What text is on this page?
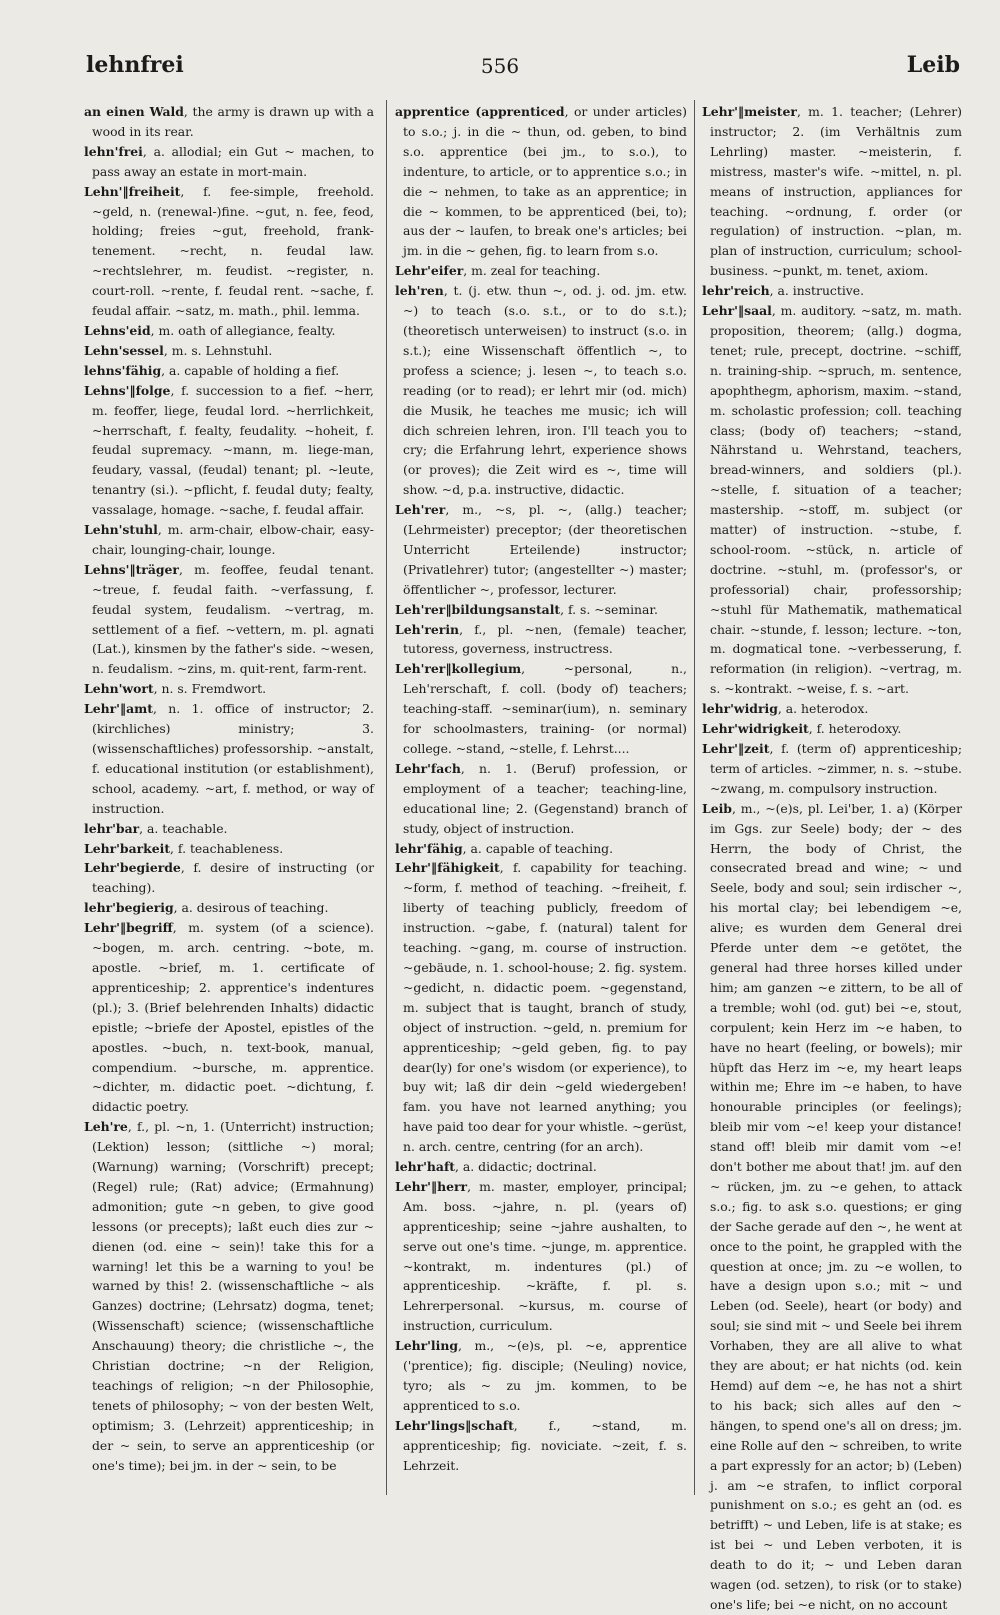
lehnfrei	556	Leib

an einen Wald, the army is drawn up with a wood in its rear.

lehn'frei, a. allodial; ein Gut ~ machen, to pass away an estate in mort-main.

Lehn'‖freiheit, f. fee-simple, freehold. ~geld, n. (renewal-)fine. ~gut, n. fee, feod, holding; freies ~gut, freehold, frank-tenement. ~recht, n. feudal law. ~rechtslehrer, m. feudist. ~register, n. court-roll. ~rente, f. feudal rent. ~sache, f. feudal affair. ~satz, m. math., phil. lemma.

Lehns'eid, m. oath of allegiance, fealty.

Lehn'sessel, m. s. Lehnstuhl.

lehns'fähig, a. capable of holding a fief.

Lehns'‖folge, f. succession to a fief. ~herr, m. feoffer, liege, feudal lord. ~herrlichkeit, ~herrschaft, f. fealty, feudality. ~hoheit, f. feudal supremacy. ~mann, m. liege-man, feudary, vassal, (feudal) tenant; pl. ~leute, tenantry (si.). ~pflicht, f. feudal duty; fealty, vassalage, homage. ~sache, f. feudal affair.

Lehn'stuhl, m. arm-chair, elbow-chair, easy-chair, lounging-chair, lounge.

Lehns'‖träger, m. feoffee, feudal tenant. ~treue, f. feudal faith. ~verfassung, f. feudal system, feudalism. ~vertrag, m. settlement of a fief. ~vettern, m. pl. agnati (Lat.), kinsmen by the father's side. ~wesen, n. feudalism. ~zins, m. quit-rent, farm-rent.

Lehn'wort, n. s. Fremdwort.

Lehr'‖amt, n. 1. office of instructor; 2. (kirchliches) ministry; 3. (wissenschaftliches) professorship. ~anstalt, f. educational institution (or establishment), school, academy. ~art, f. method, or way of instruction.

lehr'bar, a. teachable.

Lehr'barkeit, f. teachableness.

Lehr'begierde, f. desire of instructing (or teaching).

lehr'begierig, a. desirous of teaching.

Lehr'‖begriff, m. system (of a science). ~bogen, m. arch. centring. ~bote, m. apostle. ~brief, m. 1. certificate of apprenticeship; 2. apprentice's indentures (pl.); 3. (Brief belehrenden Inhalts) didactic epistle; ~briefe der Apostel, epistles of the apostles. ~buch, n. text-book, manual, compendium. ~bursche, m. apprentice. ~dichter, m. didactic poet. ~dichtung, f. didactic poetry.

Leh're, f., pl. ~n, 1. (Unterricht) instruction; (Lektion) lesson; (sittliche ~) moral; (Warnung) warning; (Vorschrift) precept; (Regel) rule; (Rat) advice; (Ermahnung) admonition; gute ~n geben, to give good lessons (or precepts); laßt euch dies zur ~ dienen (od. eine ~ sein)! take this for a warning! let this be a warning to you! be warned by this! 2. (wissenschaftliche ~ als Ganzes) doctrine; (Lehrsatz) dogma, tenet; (Wissenschaft) science; (wissenschaftliche Anschauung) theory; die christliche ~, the Christian doctrine; ~n der Religion, teachings of religion; ~n der Philosophie, tenets of philosophy; ~ von der besten Welt, optimism; 3. (Lehrzeit) apprenticeship; in der ~ sein, to serve an apprenticeship (or one's time); bei jm. in der ~ sein, to be

apprentice (apprenticed, or under articles) to s.o.; j. in die ~ thun, od. geben, to bind s.o. apprentice (bei jm., to s.o.), to indenture, to article, or to apprentice s.o.; in die ~ nehmen, to take as an apprentice; in die ~ kommen, to be apprenticed (bei, to); aus der ~ laufen, to break one's articles; bei jm. in die ~ gehen, fig. to learn from s.o.

Lehr'eifer, m. zeal for teaching.

leh'ren, t. (j. etw. thun ~, od. j. od. jm. etw. ~) to teach (s.o. s.t., or to do s.t.); (theoretisch unterweisen) to instruct (s.o. in s.t.); eine Wissenschaft öffentlich ~, to profess a science; j. lesen ~, to teach s.o. reading (or to read); er lehrt mir (od. mich) die Musik, he teaches me music; ich will dich schreien lehren, iron. I'll teach you to cry; die Erfahrung lehrt, experience shows (or proves); die Zeit wird es ~, time will show. ~d, p.a. instructive, didactic.

Leh'rer, m., ~s, pl. ~, (allg.) teacher; (Lehrmeister) preceptor; (der theoretischen Unterricht Erteilende) instructor; (Privatlehrer) tutor; (angestellter ~) master; öffentlicher ~, professor, lecturer.

Leh'rer‖bildungsanstalt, f. s. ~seminar.

Leh'rerin, f., pl. ~nen, (female) teacher, tutoress, governess, instructress.

Leh'rer‖kollegium, ~personal, n., Leh'rerschaft, f. coll. (body of) teachers; teaching-staff. ~seminar(ium), n. seminary for schoolmasters, training- (or normal) college. ~stand, ~stelle, f. Lehrst....

Lehr'fach, n. 1. (Beruf) profession, or employment of a teacher; teaching-line, educational line; 2. (Gegenstand) branch of study, object of instruction.

lehr'fähig, a. capable of teaching.

Lehr'‖fähigkeit, f. capability for teaching. ~form, f. method of teaching. ~freiheit, f. liberty of teaching publicly, freedom of instruction. ~gabe, f. (natural) talent for teaching. ~gang, m. course of instruction. ~gebäude, n. 1. school-house; 2. fig. system. ~gedicht, n. didactic poem. ~gegenstand, m. subject that is taught, branch of study, object of instruction. ~geld, n. premium for apprenticeship; ~geld geben, fig. to pay dear(ly) for one's wisdom (or experience), to buy wit; laß dir dein ~geld wiedergeben! fam. you have not learned anything; you have paid too dear for your whistle. ~gerüst, n. arch. centre, centring (for an arch).

lehr'haft, a. didactic; doctrinal.

Lehr'‖herr, m. master, employer, principal; Am. boss. ~jahre, n. pl. (years of) apprenticeship; seine ~jahre aushalten, to serve out one's time. ~junge, m. apprentice. ~kontrakt, m. indentures (pl.) of apprenticeship. ~kräfte, f. pl. s. Lehrerpersonal. ~kursus, m. course of instruction, curriculum.

Lehr'ling, m., ~(e)s, pl. ~e, apprentice ('prentice); fig. disciple; (Neuling) novice, tyro; als ~ zu jm. kommen, to be apprenticed to s.o.

Lehr'lings‖schaft, f., ~stand, m. apprenticeship; fig. noviciate. ~zeit, f. s. Lehrzeit.

Lehr'‖meister, m. 1. teacher; (Lehrer) instructor; 2. (im Verhältnis zum Lehrling) master. ~meisterin, f. mistress, master's wife. ~mittel, n. pl. means of instruction, appliances for teaching. ~ordnung, f. order (or regulation) of instruction. ~plan, m. plan of instruction, curriculum; school-business. ~punkt, m. tenet, axiom.

lehr'reich, a. instructive.

Lehr'‖saal, m. auditory. ~satz, m. math. proposition, theorem; (allg.) dogma, tenet; rule, precept, doctrine. ~schiff, n. training-ship. ~spruch, m. sentence, apophthegm, aphorism, maxim. ~stand, m. scholastic profession; coll. teaching class; (body of) teachers; ~stand, Nährstand u. Wehrstand, teachers, bread-winners, and soldiers (pl.). ~stelle, f. situation of a teacher; mastership. ~stoff, m. subject (or matter) of instruction. ~stube, f. school-room. ~stück, n. article of doctrine. ~stuhl, m. (professor's, or professorial) chair, professorship; ~stuhl für Mathematik, mathematical chair. ~stunde, f. lesson; lecture. ~ton, m. dogmatical tone. ~verbesserung, f. reformation (in religion). ~vertrag, m. s. ~kontrakt. ~weise, f. s. ~art.

lehr'widrig, a. heterodox.

Lehr'widrigkeit, f. heterodoxy.

Lehr'‖zeit, f. (term of) apprenticeship; term of articles. ~zimmer, n. s. ~stube. ~zwang, m. compulsory instruction.

Leib, m., ~(e)s, pl. Lei'ber, 1. a) (Körper im Ggs. zur Seele) body; der ~ des Herrn, the body of Christ, the consecrated bread and wine; ~ und Seele, body and soul; sein irdischer ~, his mortal clay; bei lebendigem ~e, alive; es wurden dem General drei Pferde unter dem ~e getötet, the general had three horses killed under him; am ganzen ~e zittern, to be all of a tremble; wohl (od. gut) bei ~e, stout, corpulent; kein Herz im ~e haben, to have no heart (feeling, or bowels); mir hüpft das Herz im ~e, my heart leaps within me; Ehre im ~e haben, to have honourable principles (or feelings); bleib mir vom ~e! keep your distance! stand off! bleib mir damit vom ~e! don't bother me about that! jm. auf den ~ rücken, jm. zu ~e gehen, to attack s.o.; fig. to ask s.o. questions; er ging der Sache gerade auf den ~, he went at once to the point, he grappled with the question at once; jm. zu ~e wollen, to have a design upon s.o.; mit ~ und Leben (od. Seele), heart (or body) and soul; sie sind mit ~ und Seele bei ihrem Vorhaben, they are all alive to what they are about; er hat nichts (od. kein Hemd) auf dem ~e, he has not a shirt to his back; sich alles auf den ~ hängen, to spend one's all on dress; jm. eine Rolle auf den ~ schreiben, to write a part expressly for an actor; b) (Leben) j. am ~e strafen, to inflict corporal punishment on s.o.; es geht an (od. es betrifft) ~ und Leben, life is at stake; es ist bei ~ und Leben verboten, it is death to do it; ~ und Leben daran wagen (od. setzen), to risk (or to stake) one's life; bei ~e nicht, on no account
